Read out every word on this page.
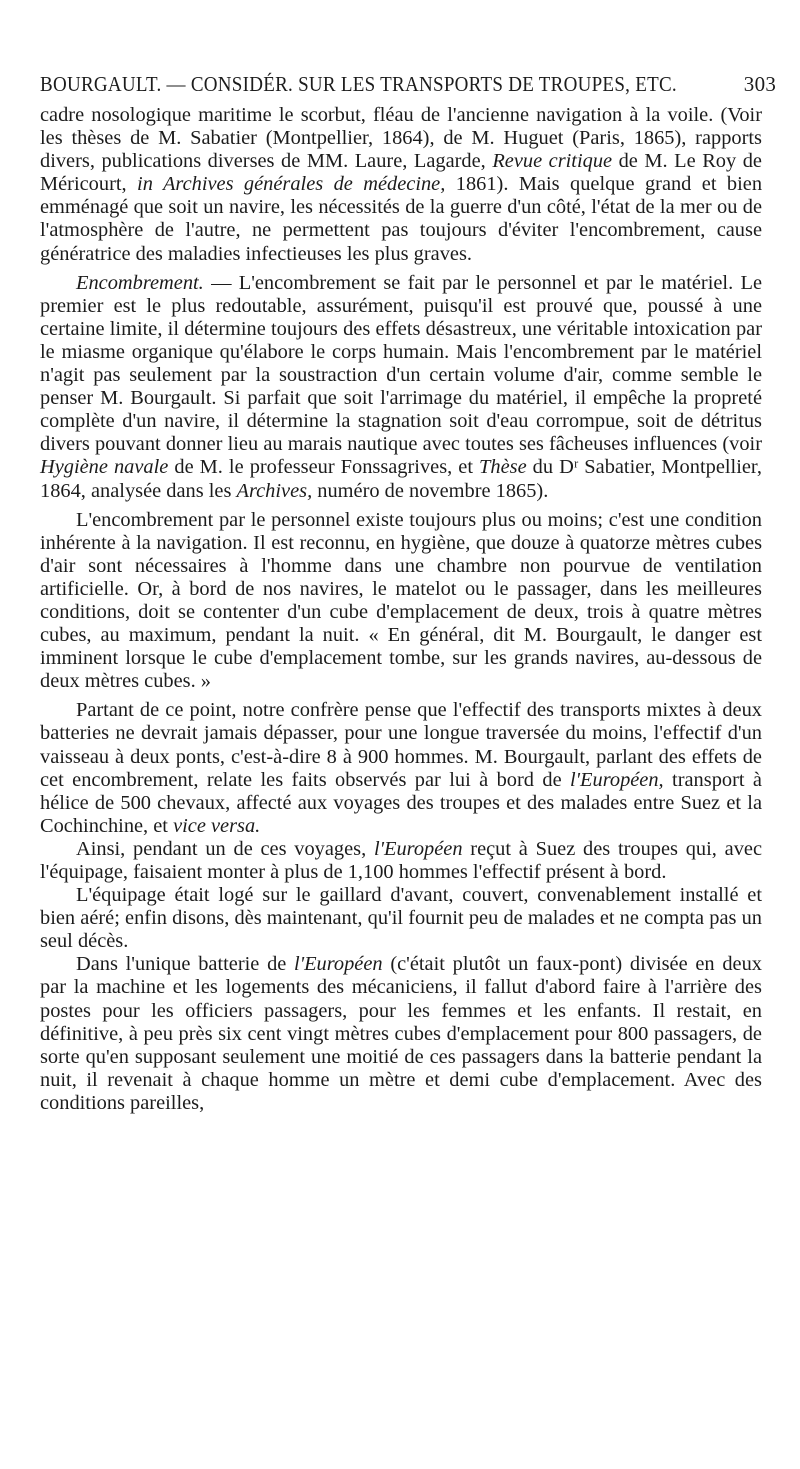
BOURGAULT. — CONSIDÉR. SUR LES TRANSPORTS DE TROUPES, ETC.	303

cadre nosologique maritime le scorbut, fléau de l'ancienne navigation à la voile. (Voir les thèses de M. Sabatier (Montpellier, 1864), de M. Huguet (Paris, 1865), rapports divers, publications diverses de MM. Laure, Lagarde, Revue critique de M. Le Roy de Méricourt, in Archives générales de médecine, 1861). Mais quelque grand et bien emménagé que soit un navire, les nécessités de la guerre d'un côté, l'état de la mer ou de l'atmosphère de l'autre, ne permettent pas toujours d'éviter l'encombrement, cause génératrice des maladies infectieuses les plus graves.

Encombrement. — L'encombrement se fait par le personnel et par le matériel. Le premier est le plus redoutable, assurément, puisqu'il est prouvé que, poussé à une certaine limite, il détermine toujours des effets désastreux, une véritable intoxication par le miasme organique qu'élabore le corps humain. Mais l'encombrement par le matériel n'agit pas seulement par la soustraction d'un certain volume d'air, comme semble le penser M. Bourgault. Si parfait que soit l'arrimage du matériel, il empêche la propreté complète d'un navire, il détermine la stagnation soit d'eau corrompue, soit de détritus divers pouvant donner lieu au marais nautique avec toutes ses fâcheuses influences (voir Hygiène navale de M. le professeur Fonssagrives, et Thèse du Dʳ Sabatier, Montpellier, 1864, analysée dans les Archives, numéro de novembre 1865).

L'encombrement par le personnel existe toujours plus ou moins; c'est une condition inhérente à la navigation. Il est reconnu, en hygiène, que douze à quatorze mètres cubes d'air sont nécessaires à l'homme dans une chambre non pourvue de ventilation artificielle. Or, à bord de nos navires, le matelot ou le passager, dans les meilleures conditions, doit se contenter d'un cube d'emplacement de deux, trois à quatre mètres cubes, au maximum, pendant la nuit. « En général, dit M. Bourgault, le danger est imminent lorsque le cube d'emplacement tombe, sur les grands navires, au-dessous de deux mètres cubes. »

Partant de ce point, notre confrère pense que l'effectif des transports mixtes à deux batteries ne devrait jamais dépasser, pour une longue traversée du moins, l'effectif d'un vaisseau à deux ponts, c'est-à-dire 8 à 900 hommes. M. Bourgault, parlant des effets de cet encombrement, relate les faits observés par lui à bord de l'Européen, transport à hélice de 500 chevaux, affecté aux voyages des troupes et des malades entre Suez et la Cochinchine, et vice versa.

Ainsi, pendant un de ces voyages, l'Européen reçut à Suez des troupes qui, avec l'équipage, faisaient monter à plus de 1,100 hommes l'effectif présent à bord.

L'équipage était logé sur le gaillard d'avant, couvert, convenablement installé et bien aéré; enfin disons, dès maintenant, qu'il fournit peu de malades et ne compta pas un seul décès.

Dans l'unique batterie de l'Européen (c'était plutôt un faux-pont) divisée en deux par la machine et les logements des mécaniciens, il fallut d'abord faire à l'arrière des postes pour les officiers passagers, pour les femmes et les enfants. Il restait, en définitive, à peu près six cent vingt mètres cubes d'emplacement pour 800 passagers, de sorte qu'en supposant seulement une moitié de ces passagers dans la batterie pendant la nuit, il revenait à chaque homme un mètre et demi cube d'emplacement. Avec des conditions pareilles,
